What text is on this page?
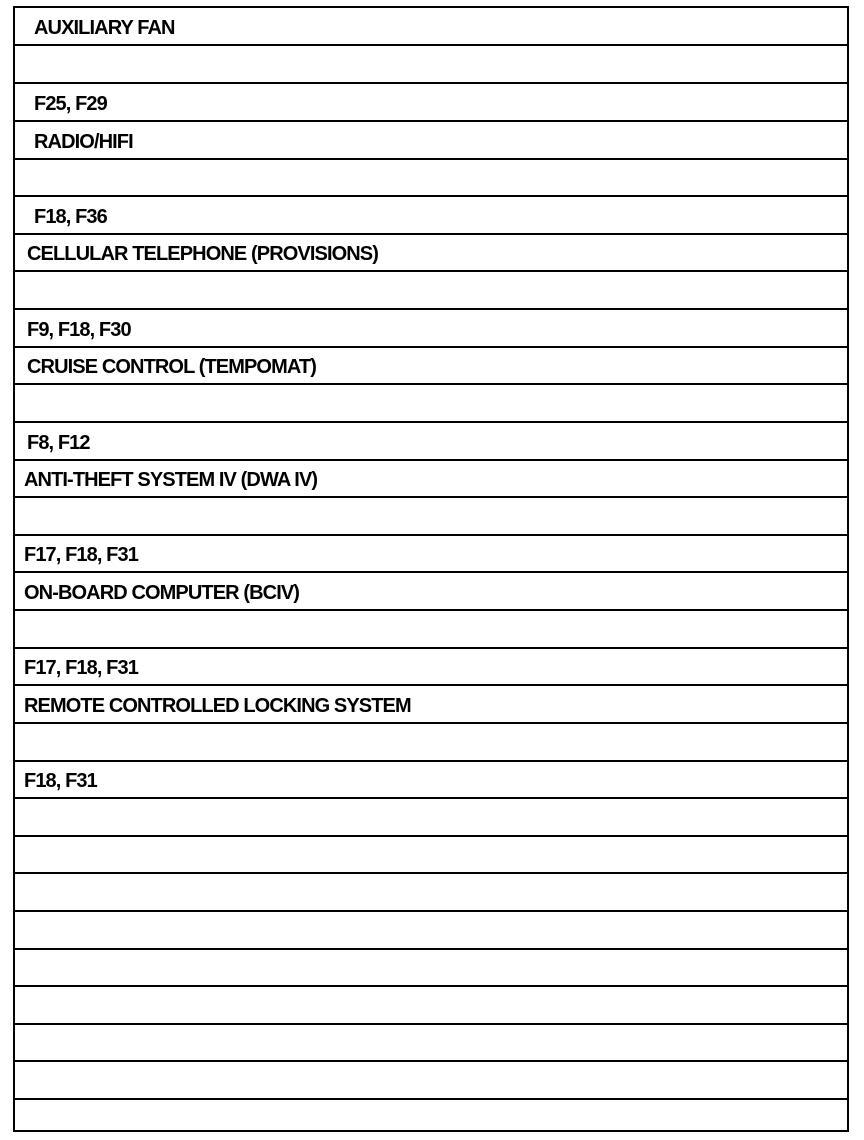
AUXILIARY FAN
F25, F29
RADIO/HIFI
F18, F36
CELLULAR TELEPHONE (PROVISIONS)
F9, F18, F30
CRUISE CONTROL (TEMPOMAT)
F8, F12
ANTI-THEFT SYSTEM IV (DWA IV)
F17, F18, F31
ON-BOARD COMPUTER (BCIV)
F17, F18, F31
REMOTE CONTROLLED LOCKING SYSTEM
F18, F31
